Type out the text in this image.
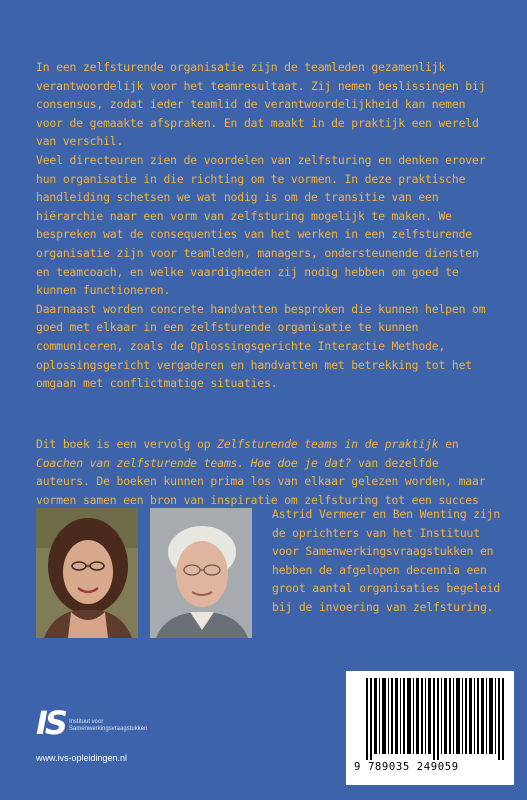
In een zelfsturende organisatie zijn de teamleden gezamenlijk verantwoordelijk voor het teamresultaat. Zij nemen beslissingen bij consensus, zodat ieder teamlid de verantwoordelijkheid kan nemen voor de gemaakte afspraken. En dat maakt in de praktijk een wereld van verschil.

Veel directeuren zien de voordelen van zelfsturing en denken erover hun organisatie in die richting om te vormen. In deze praktische handleiding schetsen we wat nodig is om de transitie van een hiërarchie naar een vorm van zelfsturing mogelijk te maken. We bespreken wat de consequenties van het werken in een zelfsturende organisatie zijn voor teamleden, managers, ondersteunende diensten en teamcoach, en welke vaardigheden zij nodig hebben om goed te kunnen functioneren.

Daarnaast worden concrete handvatten besproken die kunnen helpen om goed met elkaar in een zelfsturende organisatie te kunnen communiceren, zoals de Oplossingsgerichte Interactie Methode, oplossingsgericht vergaderen en handvatten met betrekking tot het omgaan met conflictmatige situaties.

Dit boek is een vervolg op Zelfsturende teams in de praktijk en Coachen van zelfsturende teams. Hoe doe je dat? van dezelfde auteurs. De boeken kunnen prima los van elkaar gelezen worden, maar vormen samen een bron van inspiratie om zelfsturing tot een succes

Astrid Vermeer en Ben Wenting zijn de oprichters van het Instituut voor Samenwerkingsvraagstukken en hebben de afgelopen decennia een groot aantal organisaties begeleid bij de invoering van zelfsturing.
9 789035 249059
IS Instituut voor
Samenwerkingsvraagstukken
www.ivs-opleidingen.nl
